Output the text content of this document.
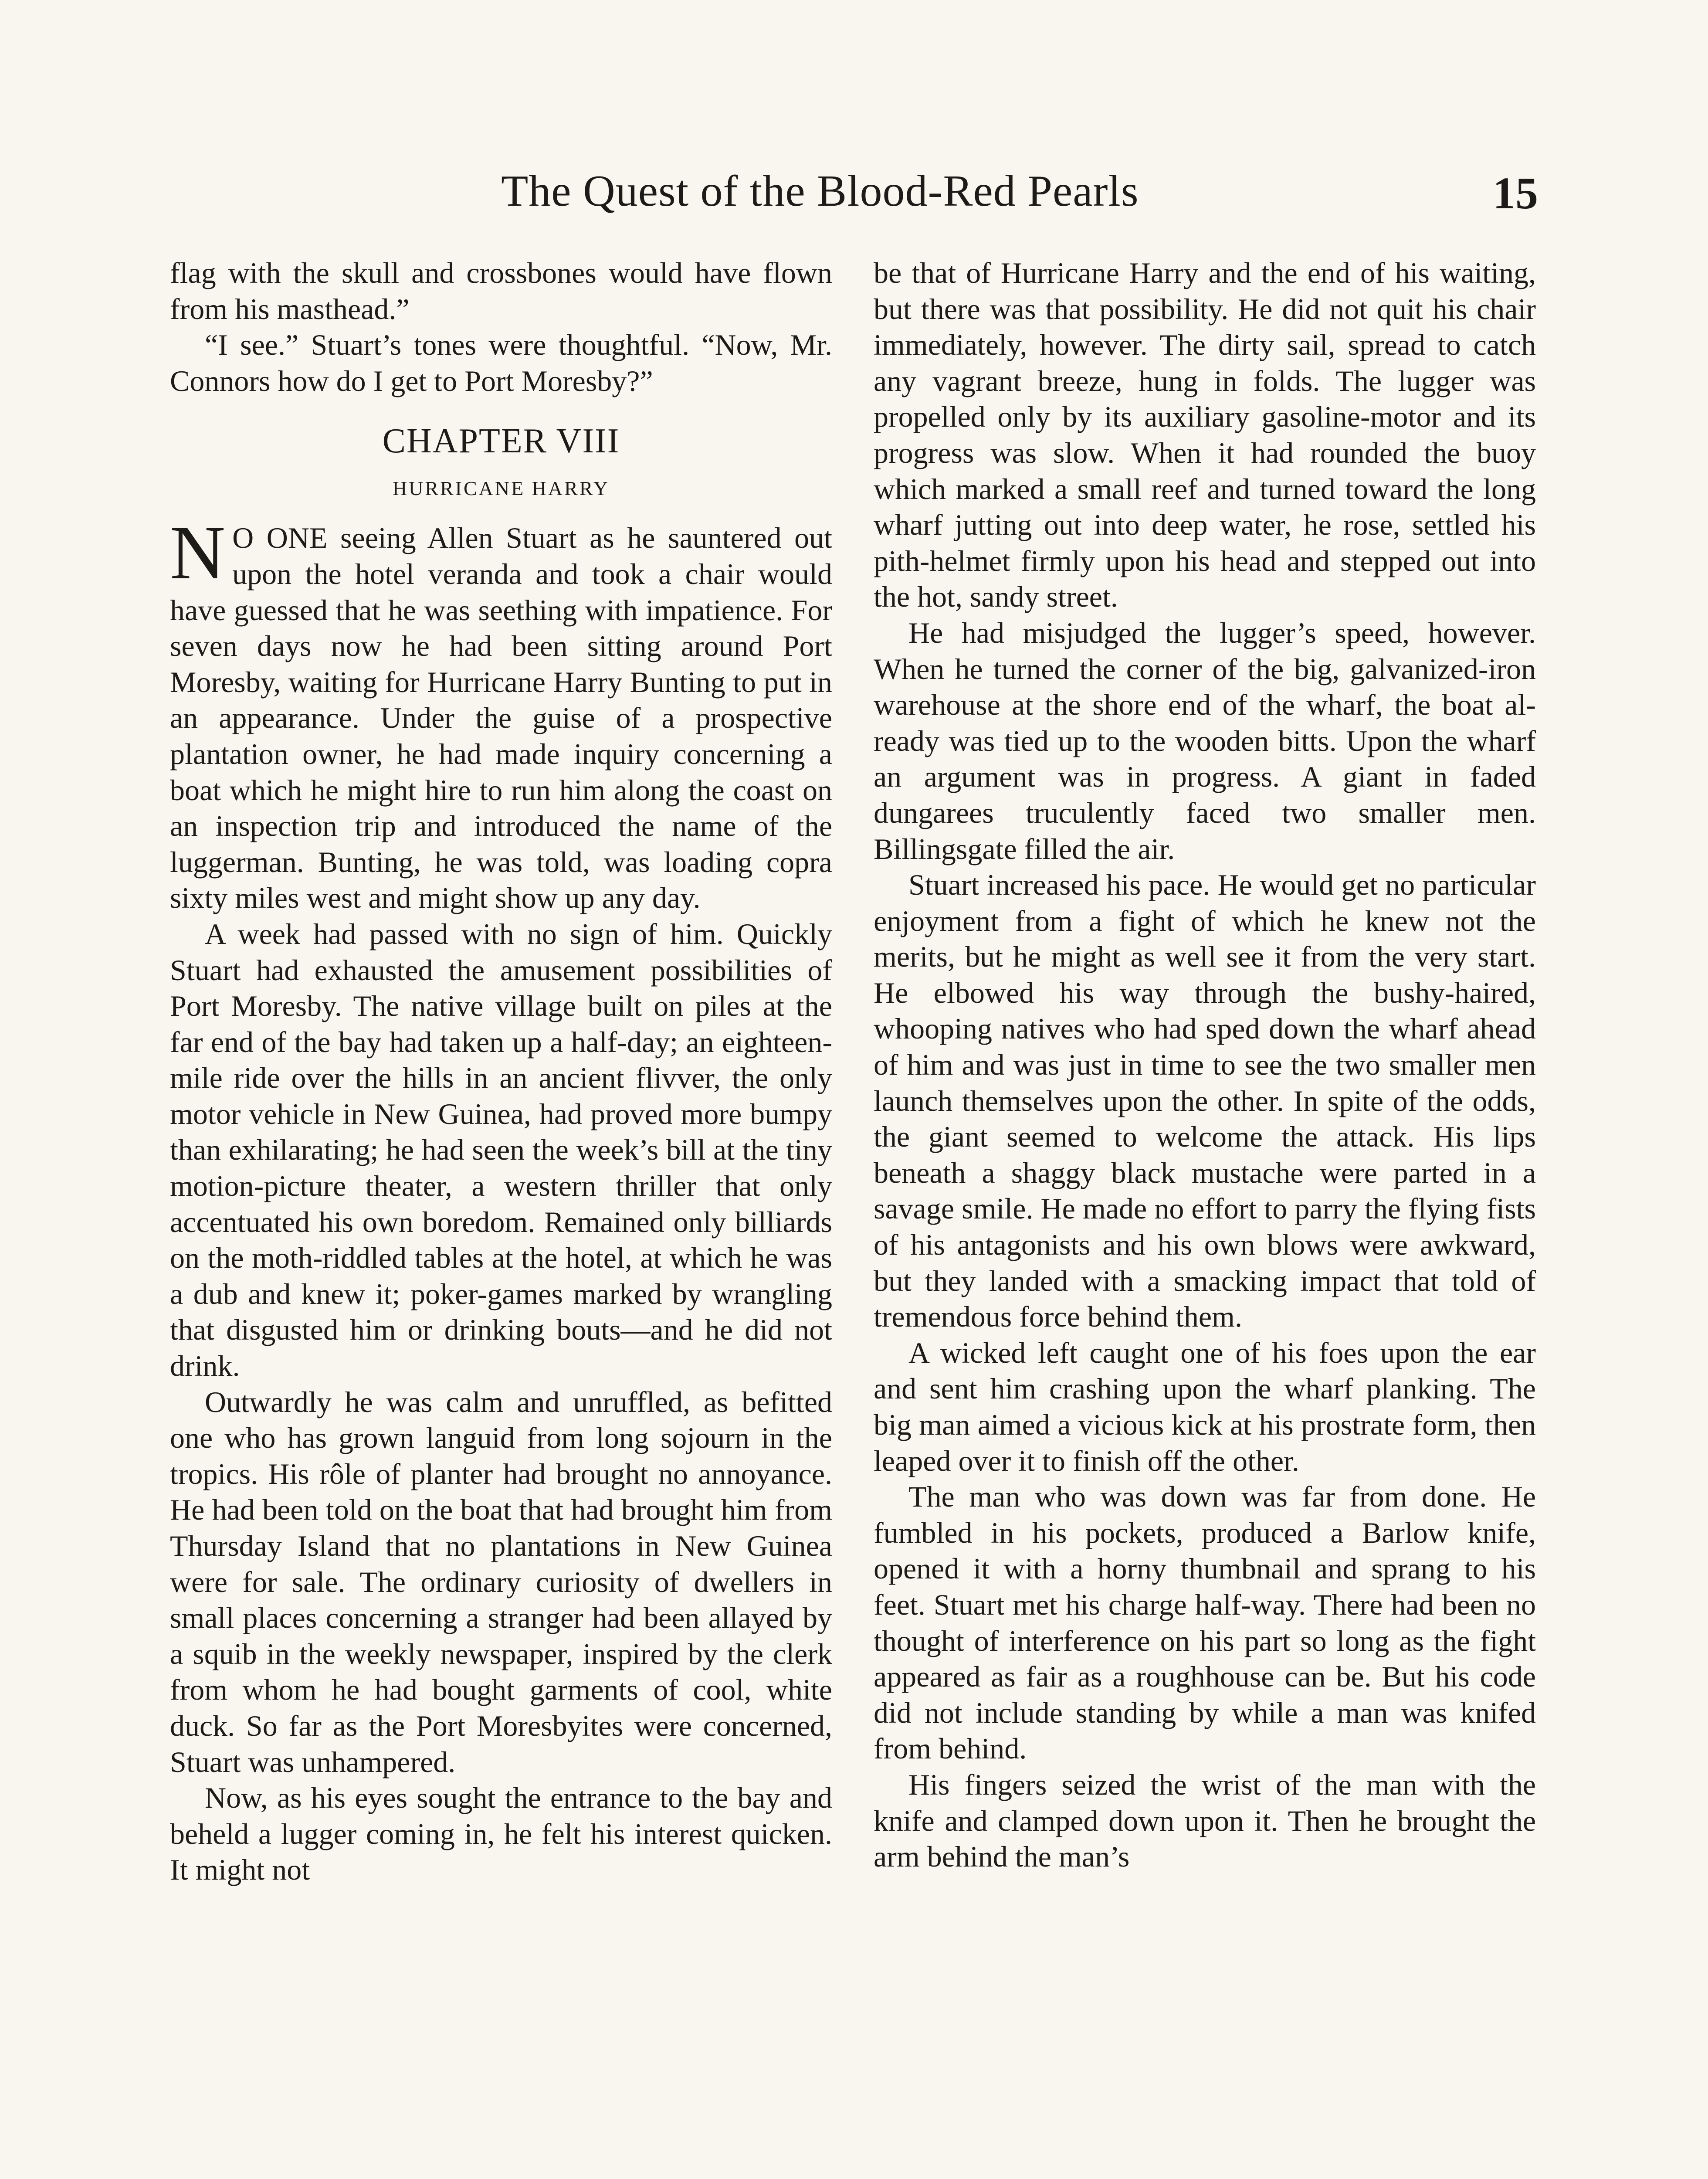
The Quest of the Blood-Red Pearls	15

flag with the skull and crossbones would have flown from his masthead.”

“I see.” Stuart’s tones were thoughtful. “Now, Mr. Connors how do I get to Port Moresby?”

CHAPTER VIII
HURRICANE HARRY

N O ONE seeing Allen Stuart as he sauntered out upon the hotel veranda and took a chair would have guessed that he was seething with impatience. For seven days now he had been sitting around Port Moresby, waiting for Hurricane Harry Bunting to put in an appearance. Under the guise of a prospective plantation owner, he had made inquiry concerning a boat which he might hire to run him along the coast on an inspection trip and introduced the name of the luggerman. Bunting, he was told, was loading copra sixty miles west and might show up any day.

A week had passed with no sign of him. Quickly Stuart had exhausted the amusement possibilities of Port Moresby. The native village built on piles at the far end of the bay had taken up a half-day; an eighteen-mile ride over the hills in an ancient flivver, the only motor vehicle in New Guinea, had proved more bumpy than exhilarating; he had seen the week’s bill at the tiny motion-picture theater, a western thriller that only accentuated his own boredom. Remained only billiards on the moth-riddled tables at the hotel, at which he was a dub and knew it; poker-games marked by wrangling that disgusted him or drinking bouts—and he did not drink.

Outwardly he was calm and unruffled, as befitted one who has grown languid from long sojourn in the tropics. His rôle of planter had brought no annoyance. He had been told on the boat that had brought him from Thursday Island that no plantations in New Guinea were for sale. The ordinary curiosity of dwellers in small places concerning a stranger had been allayed by a squib in the weekly newspaper, inspired by the clerk from whom he had bought garments of cool, white duck. So far as the Port Moresbyites were concerned, Stuart was unhampered.

Now, as his eyes sought the entrance to the bay and beheld a lugger coming in, he felt his interest quicken. It might not

be that of Hurricane Harry and the end of his waiting, but there was that possibility. He did not quit his chair immediately, however. The dirty sail, spread to catch any vagrant breeze, hung in folds. The lugger was propelled only by its auxiliary gasoline-motor and its progress was slow. When it had rounded the buoy which marked a small reef and turned toward the long wharf jutting out into deep water, he rose, settled his pith-helmet firmly upon his head and stepped out into the hot, sandy street.

He had misjudged the lugger’s speed, however. When he turned the corner of the big, galvanized-iron warehouse at the shore end of the wharf, the boat already was tied up to the wooden bitts. Upon the wharf an argument was in progress. A giant in faded dungarees truculently faced two smaller men. Billingsgate filled the air.

Stuart increased his pace. He would get no particular enjoyment from a fight of which he knew not the merits, but he might as well see it from the very start. He elbowed his way through the bushy-haired, whooping natives who had sped down the wharf ahead of him and was just in time to see the two smaller men launch themselves upon the other. In spite of the odds, the giant seemed to welcome the attack. His lips beneath a shaggy black mustache were parted in a savage smile. He made no effort to parry the flying fists of his antagonists and his own blows were awkward, but they landed with a smacking impact that told of tremendous force behind them.

A wicked left caught one of his foes upon the ear and sent him crashing upon the wharf planking. The big man aimed a vicious kick at his prostrate form, then leaped over it to finish off the other.

The man who was down was far from done. He fumbled in his pockets, produced a Barlow knife, opened it with a horny thumbnail and sprang to his feet. Stuart met his charge half-way. There had been no thought of interference on his part so long as the fight appeared as fair as a roughhouse can be. But his code did not include standing by while a man was knifed from behind.

His fingers seized the wrist of the man with the knife and clamped down upon it. Then he brought the arm behind the man’s
